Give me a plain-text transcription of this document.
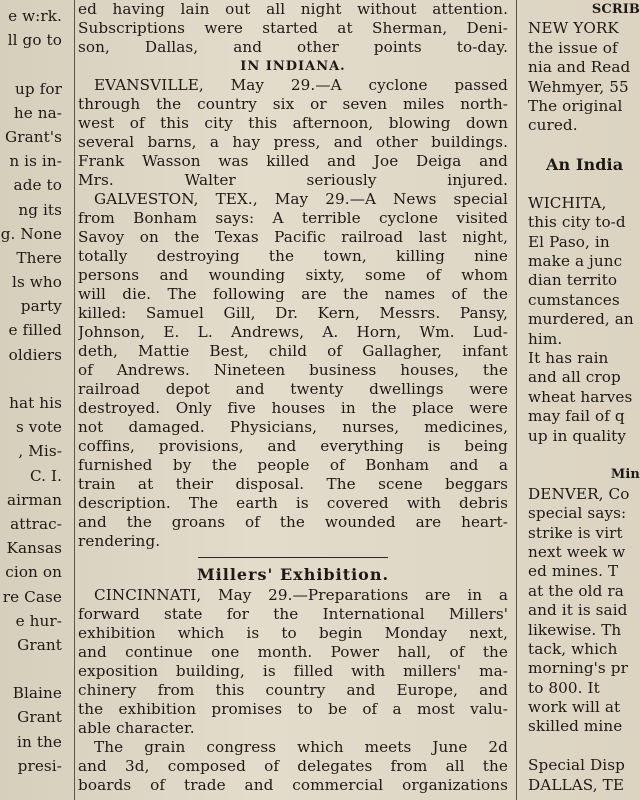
e w:rk.
ll go to
up for
he na-
Grant's
n is in-
ade to
ng its
g. None
There
ls who
party
e filled
oldiers
hat his
s vote
, Mis-
C. I.
airman
attrac-
Kansas
cion on
re Case
e hur-
Grant
Blaine
Grant
in the
presi-
ed having lain out all night without attention.
Subscriptions were started at Sherman, Deni-
son, Dallas, and other points to-day.
IN INDIANA.
EVANSVILLE, May 29.—A cyclone passed
through the country six or seven miles north-
west of this city this afternoon, blowing down
several barns, a hay press, and other buildings.
Frank Wasson was killed and Joe Deiga and
Mrs. Walter seriously injured.
GALVESTON, TEX., May 29.—A News special
from Bonham says: A terrible cyclone visited
Savoy on the Texas Pacific railroad last night,
totally destroying the town, killing nine
persons and wounding sixty, some of whom
will die. The following are the names of the
killed: Samuel Gill, Dr. Kern, Messrs. Pansy,
Johnson, E. L. Andrews, A. Horn, Wm. Lud-
deth, Mattie Best, child of Gallagher, infant
of Andrews. Nineteen business houses, the
railroad depot and twenty dwellings were
destroyed. Only five houses in the place were
not damaged. Physicians, nurses, medicines,
coffins, provisions, and everything is being
furnished by the people of Bonham and a
train at their disposal. The scene beggars
description. The earth is covered with debris
and the groans of the wounded are heart-
rendering.
Millers' Exhibition.
CINCINNATI, May 29.—Preparations are in a
forward state for the International Millers'
exhibition which is to begin Monday next,
and continue one month. Power hall, of the
exposition building, is filled with millers' ma-
chinery from this country and Europe, and
the exhibition promises to be of a most valu-
able character.
The grain congress which meets June 2d
and 3d, composed of delegates from all the
boards of trade and commercial organizations
SCRIB
NEW YORK
the issue of
nia and Read
Wehmyer, 55
The original
cured.
An India
WICHITA,
this city to-d
El Paso, in
make a junc
dian territo
cumstances
murdered, an
him.
It has rain
and all crop
wheat harves
may fail of q
up in quality
Min
DENVER, Co
special says:
strike is virt
next week w
ed mines. T
at the old ra
and it is said
likewise. Th
tack, which
morning's pr
to 800. It
work will at
skilled mine
Special Disp
DALLAS, TE
